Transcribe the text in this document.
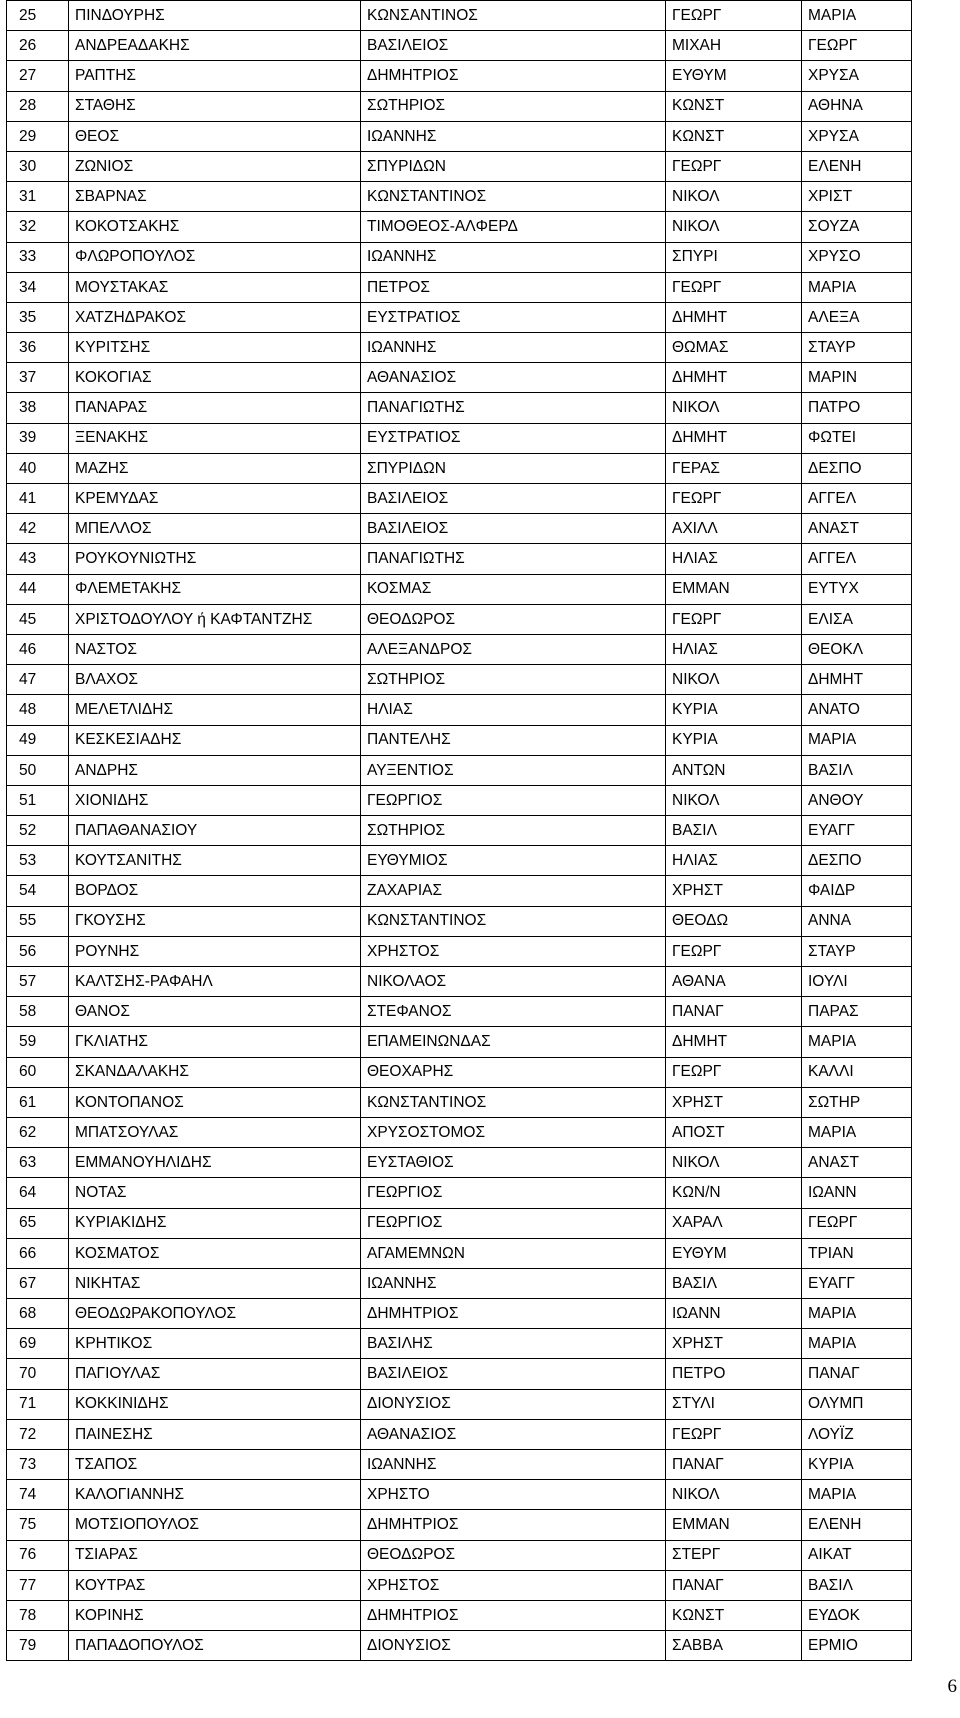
25	ΠΙΝΔΟΥΡΗΣ	ΚΩΝΣΑΝΤΙΝΟΣ	ΓΕΩΡΓ	ΜΑΡΙΑ
26	ΑΝΔΡΕΑΔΑΚΗΣ	ΒΑΣΙΛΕΙΟΣ	ΜΙΧΑΗ	ΓΕΩΡΓ
27	ΡΑΠΤΗΣ	ΔΗΜΗΤΡΙΟΣ	ΕΥΘΥΜ	ΧΡΥΣΑ
28	ΣΤΑΘΗΣ	ΣΩΤΗΡΙΟΣ	ΚΩΝΣΤ	ΑΘΗΝΑ
29	ΘΕΟΣ	ΙΩΑΝΝΗΣ	ΚΩΝΣΤ	ΧΡΥΣΑ
30	ΖΩΝΙΟΣ	ΣΠΥΡΙΔΩΝ	ΓΕΩΡΓ	ΕΛΕΝΗ
31	ΣΒΑΡΝΑΣ	ΚΩΝΣΤΑΝΤΙΝΟΣ	ΝΙΚΟΛ	ΧΡΙΣΤ
32	ΚΟΚΟΤΣΑΚΗΣ	ΤΙΜΟΘΕΟΣ-ΑΛΦΕΡΔ	ΝΙΚΟΛ	ΣΟΥΖΑ
33	ΦΛΩΡΟΠΟΥΛΟΣ	ΙΩΑΝΝΗΣ	ΣΠΥΡΙ	ΧΡΥΣΟ
34	ΜΟΥΣΤΑΚΑΣ	ΠΕΤΡΟΣ	ΓΕΩΡΓ	ΜΑΡΙΑ
35	ΧΑΤΖΗΔΡΑΚΟΣ	ΕΥΣΤΡΑΤΙΟΣ	ΔΗΜΗΤ	ΑΛΕΞΑ
36	ΚΥΡΙΤΣΗΣ	ΙΩΑΝΝΗΣ	ΘΩΜΑΣ	ΣΤΑΥΡ
37	ΚΟΚΟΓΙΑΣ	ΑΘΑΝΑΣΙΟΣ	ΔΗΜΗΤ	ΜΑΡΙΝ
38	ΠΑΝΑΡΑΣ	ΠΑΝΑΓΙΩΤΗΣ	ΝΙΚΟΛ	ΠΑΤΡΟ
39	ΞΕΝΑΚΗΣ	ΕΥΣΤΡΑΤΙΟΣ	ΔΗΜΗΤ	ΦΩΤΕΙ
40	ΜΑΖΗΣ	ΣΠΥΡΙΔΩΝ	ΓΕΡΑΣ	ΔΕΣΠΟ
41	ΚΡΕΜΥΔΑΣ	ΒΑΣΙΛΕΙΟΣ	ΓΕΩΡΓ	ΑΓΓΕΛ
42	ΜΠΕΛΛΟΣ	ΒΑΣΙΛΕΙΟΣ	ΑΧΙΛΛ	ΑΝΑΣΤ
43	ΡΟΥΚΟΥΝΙΩΤΗΣ	ΠΑΝΑΓΙΩΤΗΣ	ΗΛΙΑΣ	ΑΓΓΕΛ
44	ΦΛΕΜΕΤΑΚΗΣ	ΚΟΣΜΑΣ	ΕΜΜΑΝ	ΕΥΤΥΧ
45	ΧΡΙΣΤΟΔΟΥΛΟΥ ή ΚΑΦΤΑΝΤΖΗΣ	ΘΕΟΔΩΡΟΣ	ΓΕΩΡΓ	ΕΛΙΣΑ
46	ΝΑΣΤΟΣ	ΑΛΕΞΑΝΔΡΟΣ	ΗΛΙΑΣ	ΘΕΟΚΛ
47	ΒΛΑΧΟΣ	ΣΩΤΗΡΙΟΣ	ΝΙΚΟΛ	ΔΗΜΗΤ
48	ΜΕΛΕΤΛΙΔΗΣ	ΗΛΙΑΣ	ΚΥΡΙΑ	ΑΝΑΤΟ
49	ΚΕΣΚΕΣΙΑΔΗΣ	ΠΑΝΤΕΛΗΣ	ΚΥΡΙΑ	ΜΑΡΙΑ
50	ΑΝΔΡΗΣ	ΑΥΞΕΝΤΙΟΣ	ΑΝΤΩΝ	ΒΑΣΙΛ
51	ΧΙΟΝΙΔΗΣ	ΓΕΩΡΓΙΟΣ	ΝΙΚΟΛ	ΑΝΘΟΥ
52	ΠΑΠΑΘΑΝΑΣΙΟΥ	ΣΩΤΗΡΙΟΣ	ΒΑΣΙΛ	ΕΥΑΓΓ
53	ΚΟΥΤΣΑΝΙΤΗΣ	ΕΥΘΥΜΙΟΣ	ΗΛΙΑΣ	ΔΕΣΠΟ
54	ΒΟΡΔΟΣ	ΖΑΧΑΡΙΑΣ	ΧΡΗΣΤ	ΦΑΙΔΡ
55	ΓΚΟΥΣΗΣ	ΚΩΝΣΤΑΝΤΙΝΟΣ	ΘΕΟΔΩ	ΑΝΝΑ
56	ΡΟΥΝΗΣ	ΧΡΗΣΤΟΣ	ΓΕΩΡΓ	ΣΤΑΥΡ
57	ΚΑΛΤΣΗΣ-ΡΑΦΑΗΛ	ΝΙΚΟΛΑΟΣ	ΑΘΑΝΑ	ΙΟΥΛΙ
58	ΘΑΝΟΣ	ΣΤΕΦΑΝΟΣ	ΠΑΝΑΓ	ΠΑΡΑΣ
59	ΓΚΛΙΑΤΗΣ	ΕΠΑΜΕΙΝΩΝΔΑΣ	ΔΗΜΗΤ	ΜΑΡΙΑ
60	ΣΚΑΝΔΑΛΑΚΗΣ	ΘΕΟΧΑΡΗΣ	ΓΕΩΡΓ	ΚΑΛΛΙ
61	ΚΟΝΤΟΠΑΝΟΣ	ΚΩΝΣΤΑΝΤΙΝΟΣ	ΧΡΗΣΤ	ΣΩΤΗΡ
62	ΜΠΑΤΣΟΥΛΑΣ	ΧΡΥΣΟΣΤΟΜΟΣ	ΑΠΟΣΤ	ΜΑΡΙΑ
63	ΕΜΜΑΝΟΥΗΛΙΔΗΣ	ΕΥΣΤΑΘΙΟΣ	ΝΙΚΟΛ	ΑΝΑΣΤ
64	ΝΟΤΑΣ	ΓΕΩΡΓΙΟΣ	ΚΩΝ/Ν	ΙΩΑΝΝ
65	ΚΥΡΙΑΚΙΔΗΣ	ΓΕΩΡΓΙΟΣ	ΧΑΡΑΛ	ΓΕΩΡΓ
66	ΚΟΣΜΑΤΟΣ	ΑΓΑΜΕΜΝΩΝ	ΕΥΘΥΜ	ΤΡΙΑΝ
67	ΝΙΚΗΤΑΣ	ΙΩΑΝΝΗΣ	ΒΑΣΙΛ	ΕΥΑΓΓ
68	ΘΕΟΔΩΡΑΚΟΠΟΥΛΟΣ	ΔΗΜΗΤΡΙΟΣ	ΙΩΑΝΝ	ΜΑΡΙΑ
69	ΚΡΗΤΙΚΟΣ	ΒΑΣΙΛΗΣ	ΧΡΗΣΤ	ΜΑΡΙΑ
70	ΠΑΓΙΟΥΛΑΣ	ΒΑΣΙΛΕΙΟΣ	ΠΕΤΡΟ	ΠΑΝΑΓ
71	ΚΟΚΚΙΝΙΔΗΣ	ΔΙΟΝΥΣΙΟΣ	ΣΤΥΛΙ	ΟΛΥΜΠ
72	ΠΑΙΝΕΣΗΣ	ΑΘΑΝΑΣΙΟΣ	ΓΕΩΡΓ	ΛΟΥΪΖ
73	ΤΣΑΠΟΣ	ΙΩΑΝΝΗΣ	ΠΑΝΑΓ	ΚΥΡΙΑ
74	ΚΑΛΟΓΙΑΝΝΗΣ	ΧΡΗΣΤΟ	ΝΙΚΟΛ	ΜΑΡΙΑ
75	ΜΟΤΣΙΟΠΟΥΛΟΣ	ΔΗΜΗΤΡΙΟΣ	ΕΜΜΑΝ	ΕΛΕΝΗ
76	ΤΣΙΑΡΑΣ	ΘΕΟΔΩΡΟΣ	ΣΤΕΡΓ	ΑΙΚΑΤ
77	ΚΟΥΤΡΑΣ	ΧΡΗΣΤΟΣ	ΠΑΝΑΓ	ΒΑΣΙΛ
78	ΚΟΡΙΝΗΣ	ΔΗΜΗΤΡΙΟΣ	ΚΩΝΣΤ	ΕΥΔΟΚ
79	ΠΑΠΑΔΟΠΟΥΛΟΣ	ΔΙΟΝΥΣΙΟΣ	ΣΑΒΒΑ	ΕΡΜΙΟ
6
